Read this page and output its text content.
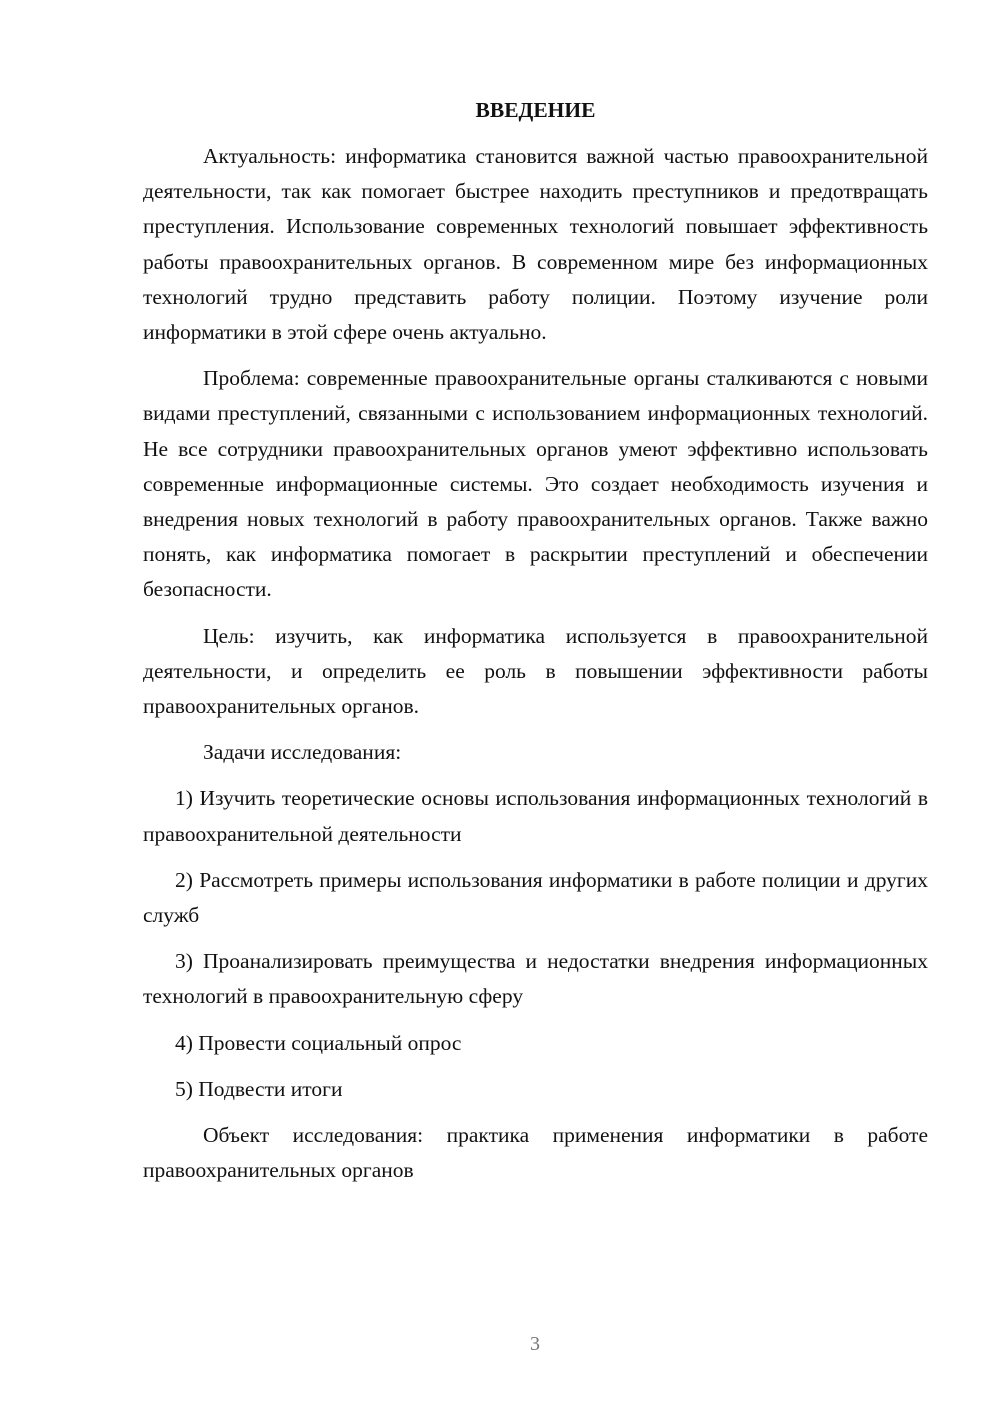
ВВЕДЕНИЕ

Актуальность: информатика становится важной частью правоохранительной деятельности, так как помогает быстрее находить преступников и предотвращать преступления. Использование современных технологий повышает эффективность работы правоохранительных органов. В современном мире без информационных технологий трудно представить работу полиции. Поэтому изучение роли информатики в этой сфере очень актуально.

Проблема: современные правоохранительные органы сталкиваются с новыми видами преступлений, связанными с использованием информационных технологий. Не все сотрудники правоохранительных органов умеют эффективно использовать современные информационные системы. Это создает необходимость изучения и внедрения новых технологий в работу правоохранительных органов. Также важно понять, как информатика помогает в раскрытии преступлений и обеспечении безопасности.

Цель: изучить, как информатика используется в правоохранительной деятельности, и определить ее роль в повышении эффективности работы правоохранительных органов.

Задачи исследования:

1) Изучить теоретические основы использования информационных технологий в правоохранительной деятельности

2) Рассмотреть примеры использования информатики в работе полиции и других служб

3) Проанализировать преимущества и недостатки внедрения информационных технологий в правоохранительную сферу

4) Провести социальный опрос

5) Подвести итоги

Объект исследования: практика применения информатики в работе правоохранительных органов

3
